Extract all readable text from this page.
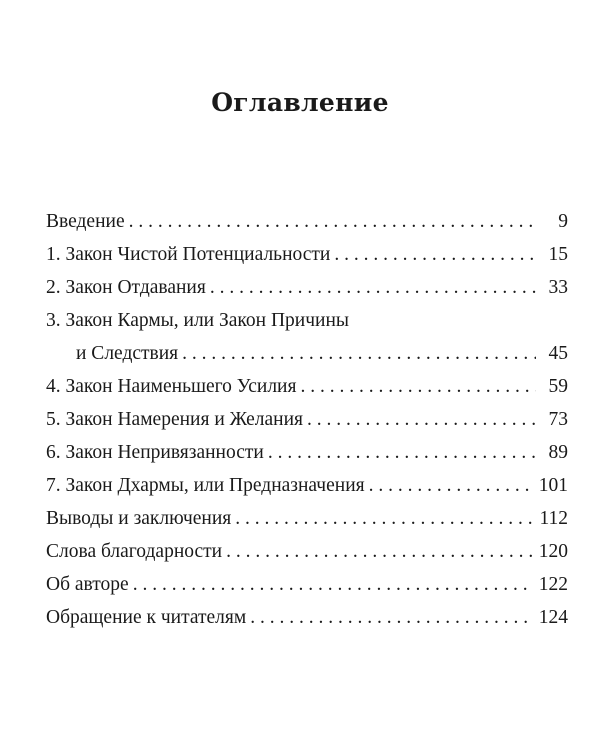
Оглавление
Введение . . .	9
1. Закон Чистой Потенциальности . . .	15
2. Закон Отдавания . . .	33
3. Закон Кармы, или Закон Причины
и Следствия . . .	45
4. Закон Наименьшего Усилия . . .	59
5. Закон Намерения и Желания . . .	73
6. Закон Непривязанности . . .	89
7. Закон Дхармы, или Предназначения . . .	101
Выводы и заключения . . .	112
Слова благодарности . . .	120
Об авторе . . .	122
Обращение к читателям . . .	124
